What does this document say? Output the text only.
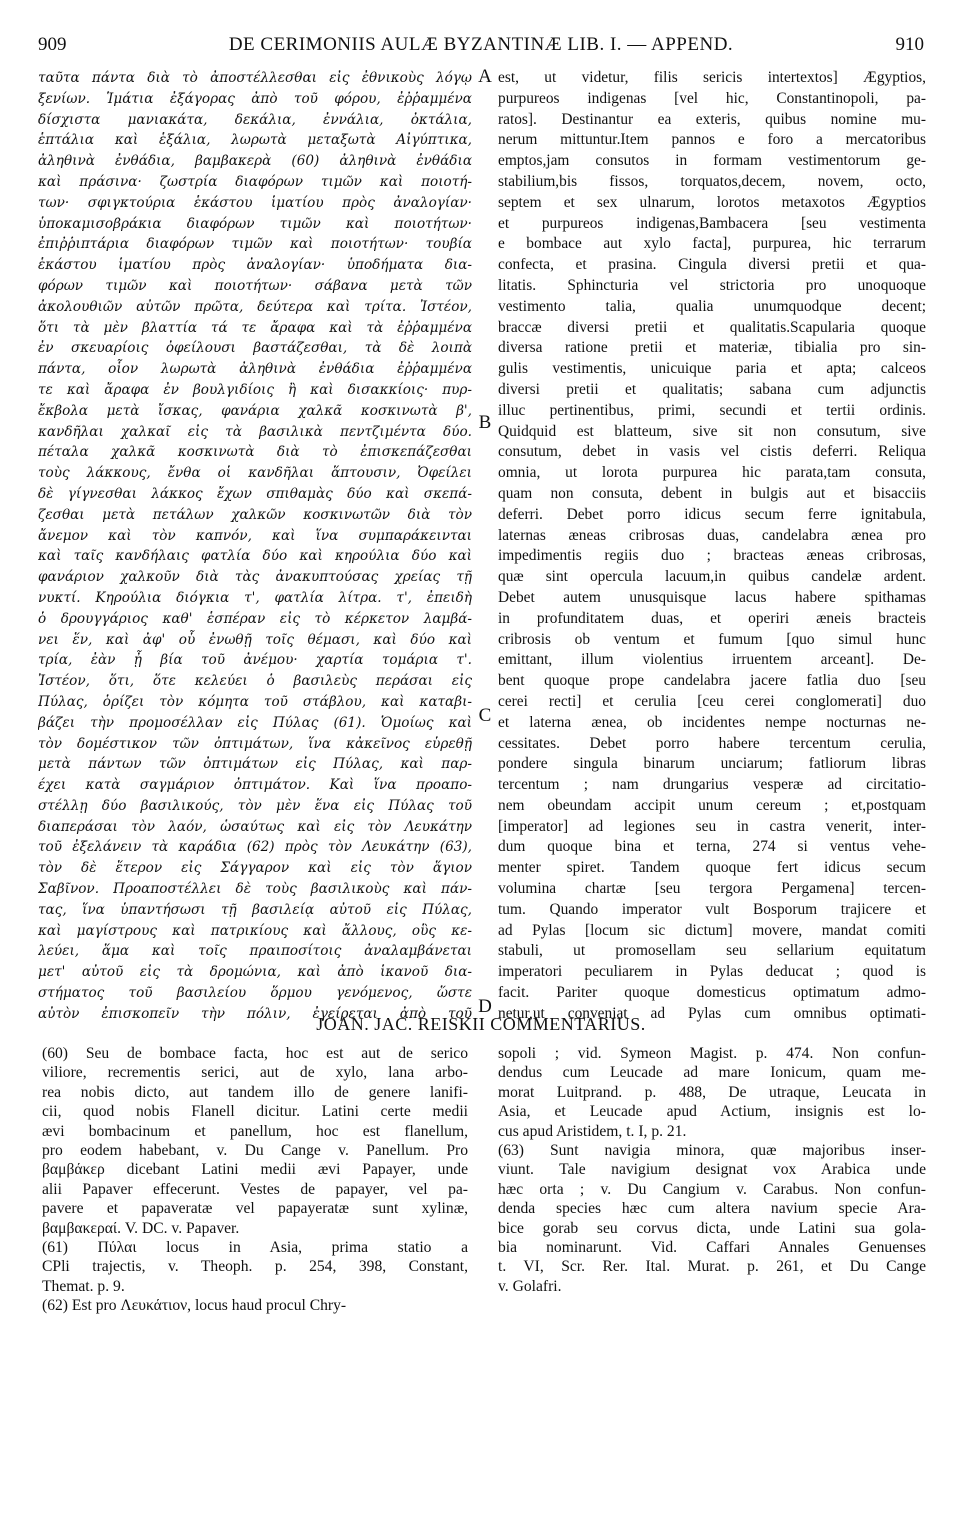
909	DE CERIMONIIS AULÆ BYZANTINÆ LIB. I. — APPEND.	910
ταῦτα πάντα διὰ τὸ ἀποστέλλεσθαι εἰς ἐθνικοὺς λόγῳ
ξενίων. Ἱμάτια ἐξάγορας ἀπὸ τοῦ φόρου, ἐῤῥαμμένα
δίσχιστα μανιακάτα, δεκάλια, ἐννάλια, ὀκτάλια,
ἑπτάλια καὶ ἑξάλια, λωρωτὰ μεταξωτὰ Αἰγύπτικα,
ἀληθινὰ ἐνθάδια, βαμβακερὰ (60) ἀληθινὰ ἐνθάδια
καὶ πράσινα· ζωστρία διαφόρων τιμῶν καὶ ποιοτή-
των· σφιγκτούρια ἑκάστου ἱματίου πρὸς ἀναλογίαν·
ὑποκαμισοβράκια διαφόρων τιμῶν καὶ ποιοτήτων·
ἐπιῤῥιπτάρια διαφόρων τιμῶν καὶ ποιοτήτων· τουβία
ἑκάστου ἱματίου πρὸς ἀναλογίαν· ὑποδήματα δια-
φόρων τιμῶν καὶ ποιοτήτων· σάβανα μετὰ τῶν
ἀκολουθιῶν αὐτῶν πρῶτα, δεύτερα καὶ τρίτα. Ἰστέον,
ὅτι τὰ μὲν βλαττία τά τε ἄραφα καὶ τὰ ἐῤῥαμμένα
ἐν σκευαρίοις ὀφείλουσι βαστάζεσθαι, τὰ δὲ λοιπὰ
πάντα, οἷον λωρωτὰ ἀληθινὰ ἐνθάδια ἐῤῥαμμένα
τε καὶ ἄραφα ἐν βουλγιδίοις ἢ καὶ δισακκίοις· πυρ-
ἔκβολα μετὰ ἴσκας, φανάρια χαλκᾶ κοσκινωτὰ β',
κανδῆλαι χαλκαῖ εἰς τὰ βασιλικὰ πεντζιμέντα δύο.
πέταλα χαλκᾶ κοσκινωτὰ διὰ τὸ ἐπισκεπάζεσθαι
τοὺς λάκκους, ἔνθα οἱ κανδῆλαι ἅπτουσιν, Ὀφείλει
δὲ γίγνεσθαι λάκκος ἔχων σπιθαμὰς δύο καὶ σκεπά-
ζεσθαι μετὰ πετάλων χαλκῶν κοσκινωτῶν διὰ τὸν
ἄνεμον καὶ τὸν καπνόν, καὶ ἵνα συμπαράκεινται
καὶ ταῖς κανδήλαις φατλία δύο καὶ κηρούλια δύο καὶ
φανάριον χαλκοῦν διὰ τὰς ἀνακυπτούσας χρείας τῇ
νυκτί. Κηρούλια διόγκια τ', φατλία λίτρα. τ', ἐπειδὴ
ὁ δρουγγάριος καθ' ἑσπέραν εἰς τὸ κέρκετον λαμβά-
νει ἕν, καὶ ἀφ' οὗ ἐνωθῇ τοῖς θέμασι, καὶ δύο καὶ
τρία, ἐὰν ᾖ βία τοῦ ἀνέμου· χαρτία τομάρια τ'.
Ἰστέον, ὅτι, ὅτε κελεύει ὁ βασιλεὺς περάσαι εἰς
Πύλας, ὁρίζει τὸν κόμητα τοῦ στάβλου, καὶ καταβι-
βάζει τὴν προμοσέλλαν εἰς Πύλας (61). Ὁμοίως καὶ
τὸν δομέστικον τῶν ὀπτιμάτων, ἵνα κἀκεῖνος εὑρεθῇ
μετὰ πάντων τῶν ὀπτιμάτων εἰς Πύλας, καὶ παρ-
έχει κατὰ σαγμάριον ὀπτιμάτον. Καὶ ἵνα προαπο-
στέλλῃ δύο βασιλικούς, τὸν μὲν ἕνα εἰς Πύλας τοῦ
διαπεράσαι τὸν λαόν, ὡσαύτως καὶ εἰς τὸν Λευκάτην
τοῦ ἐξελάνειν τὰ καράδια (62) πρὸς τὸν Λευκάτην (63),
τὸν δὲ ἕτερον εἰς Σάγγαρον καὶ εἰς τὸν ἅγιον
Σαβῖνον. Προαποστέλλει δὲ τοὺς βασιλικοὺς καὶ πάν-
τας, ἵνα ὑπαντήσωσι τῇ βασιλείᾳ αὐτοῦ εἰς Πύλας,
καὶ μαγίστρους καὶ πατρικίους καὶ ἄλλους, οὓς κε-
λεύει, ἅμα καὶ τοῖς πραιποσίτοις ἀναλαμβάνεται
μετ' αὐτοῦ εἰς τὰ δρομώνια, καὶ ἀπὸ ἱκανοῦ δια-
στήματος τοῦ βασιλείου ὅρμου γενόμενος, ὥστε
αὐτὸν ἐπισκοπεῖν τὴν πόλιν, ἐγείρεται ἀπὸ τοῦ
est, ut videtur, filis sericis intertextos] Ægyptios,
purpureos indigenas [vel hic, Constantinopoli, pa-
ratos]. Destinantur ea exteris, quibus nomine mu-
nerum mittuntur.Item pannos e foro a mercatoribus
emptos,jam consutos in formam vestimentorum ge-
stabilium,bis fissos, torquatos,decem, novem, octo,
septem et sex ulnarum, lorotos metaxotos Ægyptios
et purpureos indigenas,Bambacera [seu vestimenta
e bombace aut xylo facta], purpurea, hic terrarum
confecta, et prasina. Cingula diversi pretii et qua-
litatis. Sphincturia vel strictoria pro unoquoque
vestimento talia, qualia unumquodque decent;
braccæ diversi pretii et qualitatis.Scapularia quoque
diversa ratione pretii et materiæ, tibialia pro sin-
gulis vestimentis, unicuique paria et apta; calceos
diversi pretii et qualitatis; sabana cum adjunctis
illuc pertinentibus, primi, secundi et tertii ordinis.
Quidquid est blatteum, sive sit non consutum, sive
consutum, debet in vasis vel cistis deferri. Reliqua
omnia, ut lorota purpurea hic parata,tam consuta,
quam non consuta, debent in bulgis aut et bisacciis
deferri. Debet porro idicus secum ferre ignitabula,
laternas æneas cribrosas duas, candelabra ænea pro
impedimentis regiis duo ; bracteas æneas cribrosas,
quæ sint opercula lacuum,in quibus candelæ ardent.
Debet autem unusquisque lacus habere spithamas
in profunditatem duas, et operiri æneis bracteis
cribrosis ob ventum et fumum [quo simul hunc
emittant, illum violentius irruentem arceant]. De-
bent quoque prope candelabra jacere fatlia duo [seu
cerei recti] et cerulia [ceu cerei conglomerati] duo
et laterna ænea, ob incidentes nempe nocturnas ne-
cessitates. Debet porro habere tercentum cerulia,
pondere singula binarum unciarum; fatliorum libras
tercentum ; nam drungarius vesperæ ad circitatio-
nem obeundam accipit unum cereum ; et,postquam
[imperator] ad legiones seu in castra venerit, inter-
dum quoque bina et terna, 274 si ventus vehe-
menter spiret. Tandem quoque fert idicus secum
volumina chartæ [seu tergora Pergamena] tercen-
tum. Quando imperator vult Bosporum trajicere et
ad Pylas [locum sic dictum] movere, mandat comiti
stabuli, ut promosellam seu sellarium equitatum
imperatori peculiarem in Pylas deducat ; quod is
facit. Pariter quoque domesticus optimatum admo-
netur,ut conveniat ad Pylas cum omnibus optimati-
A
B
C
D
JOAN. JAC. REISKII COMMENTARIUS.
(60) Seu de bombace facta, hoc est aut de serico
viliore, recrementis serici, aut de xylo, lana arbo-
rea nobis dicto, aut tandem illo de genere lanifi-
cii, quod nobis Flanell dicitur. Latini certe medii
ævi bombacinum et panellum, hoc est flanellum,
pro eodem habebant, v. Du Cange v. Panellum. Pro
βαμβάκερ dicebant Latini medii ævi Papayer, unde
alii Papaver effecerunt. Vestes de papayer, vel pa-
pavere et papaveratæ vel papayeratæ sunt xylinæ,
βαμβακεραί. V. DC. v. Papaver.
(61) Πύλαι locus in Asia, prima statio a
CPli trajectis, v. Theoph. p. 254, 398, Constant,
Themat. p. 9.
(62) Est pro Λευκάτιον, locus haud procul Chry-
sopoli ; vid. Symeon Magist. p. 474. Non confun-
dendus cum Leucade ad mare Ionicum, quam me-
morat Luitprand. p. 488, De utraque, Leucata in
Asia, et Leucade apud Actium, insignis est lo-
cus apud Aristidem, t. I, p. 21.
(63) Sunt navigia minora, quæ majoribus inser-
viunt. Tale navigium designat vox Arabica unde
hæc orta ; v. Du Cangium v. Carabus. Non confun-
denda species hæc cum altera navium specie Ara-
bice gorab seu corvus dicta, unde Latini sua gola-
bia nominarunt. Vid. Caffari Annales Genuenses
t. VI, Scr. Rer. Ital. Murat. p. 261, et Du Cange
v. Golafri.
